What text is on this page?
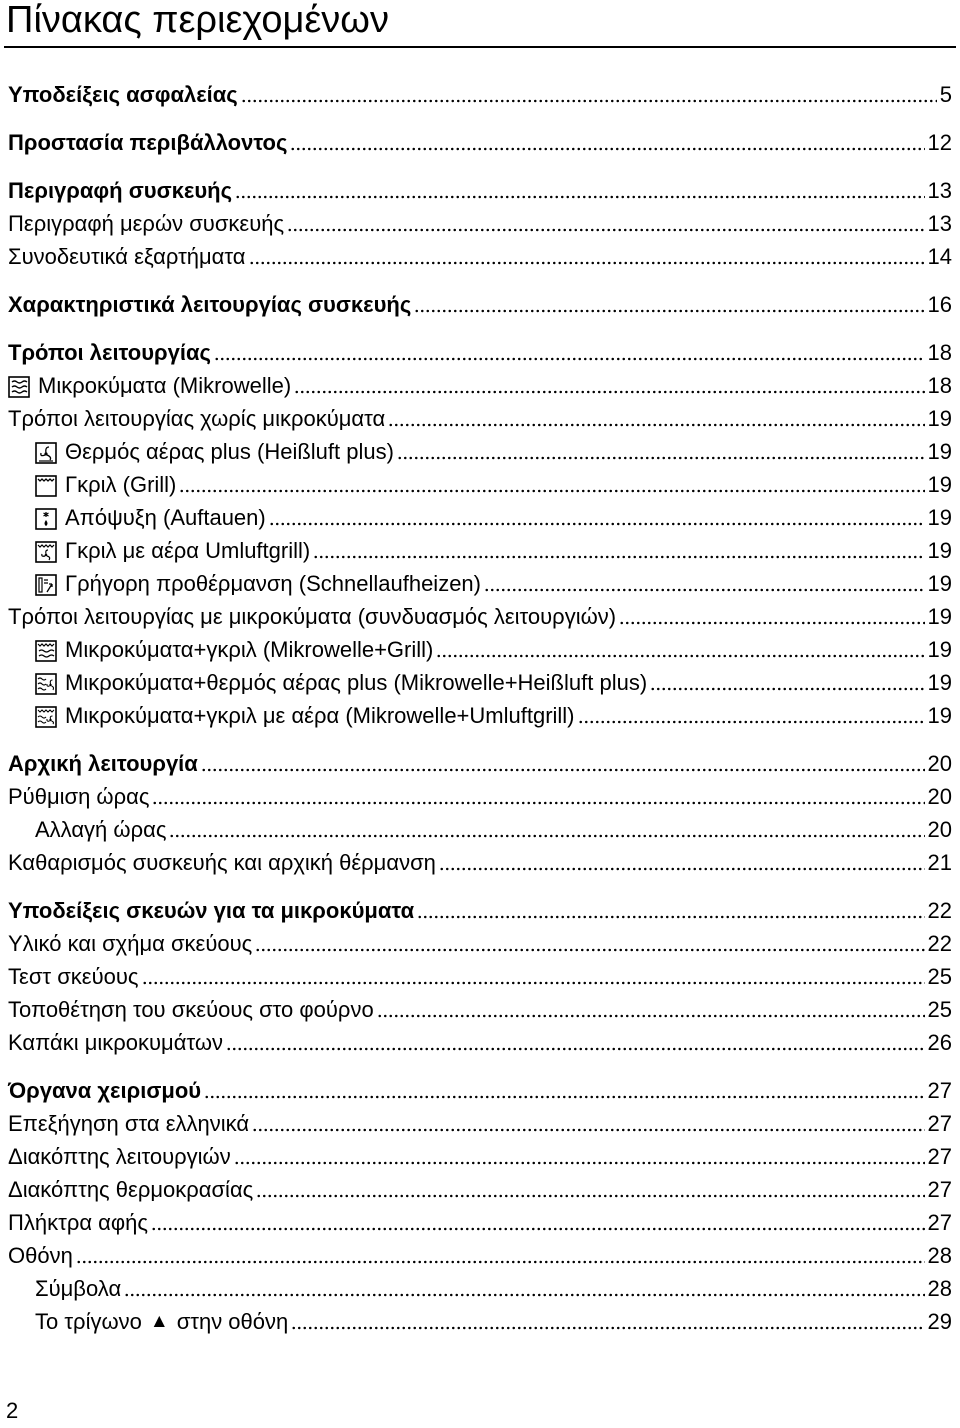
Πίνακας περιεχομένων
Υποδείξεις ασφαλείας	5
Προστασία περιβάλλοντος	12
Περιγραφή συσκευής	13
Περιγραφή μερών συσκευής	13
Συνοδευτικά εξαρτήματα	14
Χαρακτηριστικά λειτουργίας συσκευής	16
Τρόποι λειτουργίας	18
Μικροκύματα (Mikrowelle)	18
Τρόποι λειτουργίας χωρίς μικροκύματα	19
Θερμός αέρας plus (Heißluft plus)	19
Γκριλ (Grill)	19
Απόψυξη (Auftauen)	19
Γκριλ με αέρα Umluftgrill)	19
Γρήγορη προθέρμανση (Schnellaufheizen)	19
Τρόποι λειτουργίας με μικροκύματα (συνδυασμός λειτουργιών)	19
Μικροκύματα+γκριλ (Mikrowelle+Grill)	19
Μικροκύματα+θερμός αέρας plus (Mikrowelle+Heißluft plus)	19
Μικροκύματα+γκριλ με αέρα (Mikrowelle+Umluftgrill)	19
Αρχική λειτουργία	20
Ρύθμιση ώρας	20
Αλλαγή ώρας	20
Καθαρισμός συσκευής και αρχική θέρμανση	21
Υποδείξεις σκευών για τα μικροκύματα	22
Υλικό και σχήμα σκεύους	22
Τεστ σκεύους	25
Τοποθέτηση του σκεύους στο φούρνο	25
Καπάκι μικροκυμάτων	26
Όργανα χειρισμού	27
Επεξήγηση στα ελληνικά	27
Διακόπτης λειτουργιών	27
Διακόπτης θερμοκρασίας	27
Πλήκτρα αφής	27
Οθόνη	28
Σύμβολα	28
Το τρίγωνο ▲ στην οθόνη	29
2
